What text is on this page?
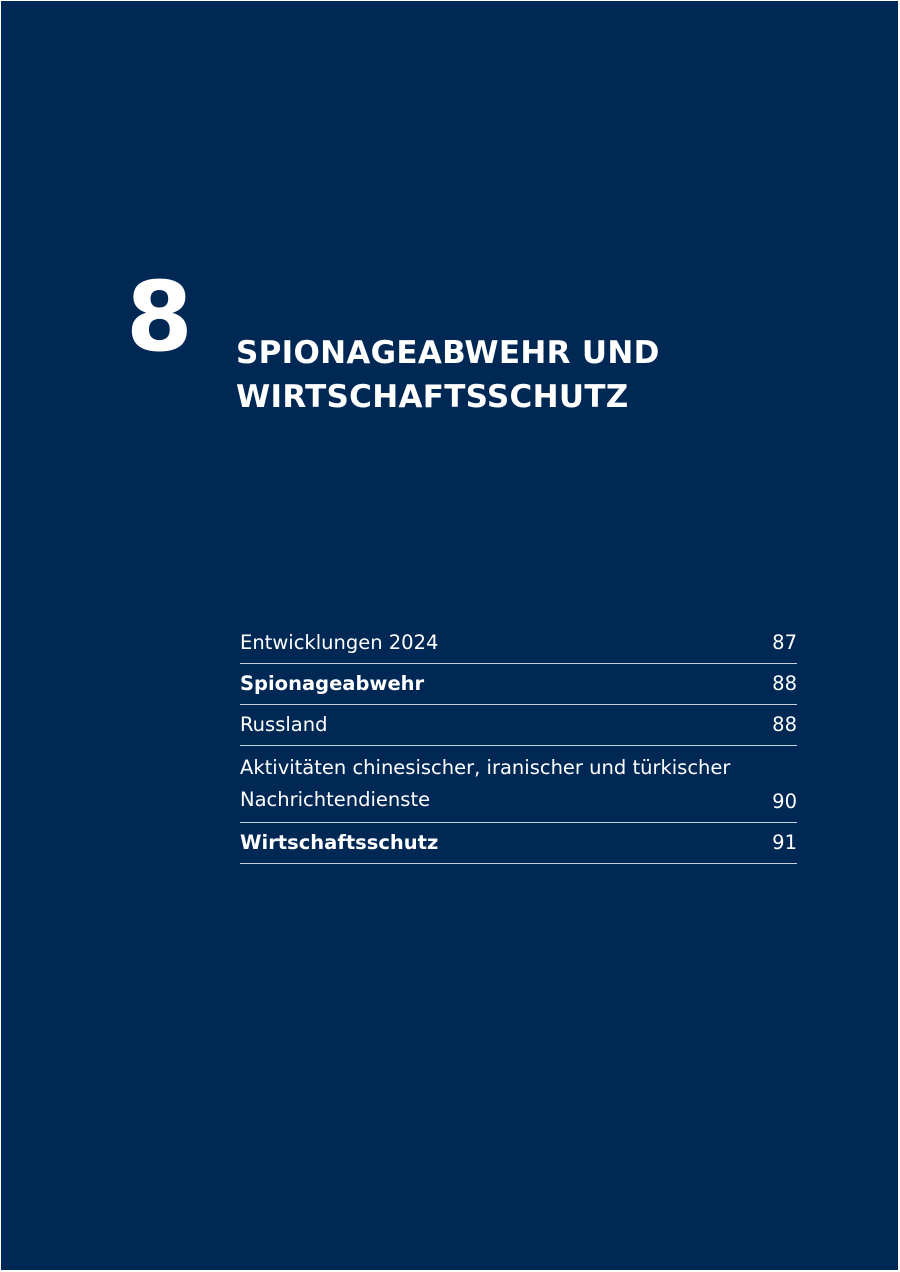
8 SPIONAGEABWEHR UND
WIRTSCHAFTSSCHUTZ
Entwicklungen 2024	87
Spionageabwehr	88
Russland	88
Aktivitäten chinesischer, iranischer und türkischer Nachrichtendienste	90
Wirtschaftsschutz	91
